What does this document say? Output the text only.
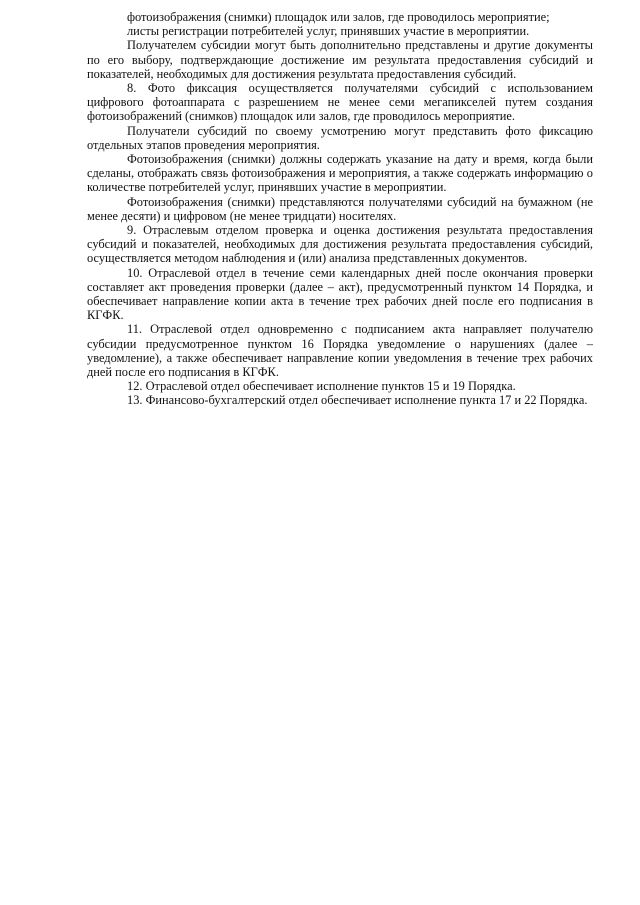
фотоизображения (снимки) площадок или залов, где проводилось мероприятие;

листы регистрации потребителей услуг, принявших участие в мероприятии.

Получателем субсидии могут быть дополнительно представлены и другие документы по его выбору, подтверждающие достижение им результата предоставления субсидий и показателей, необходимых для достижения результата предоставления субсидий.

8. Фото фиксация осуществляется получателями субсидий с использованием цифрового фотоаппарата с разрешением не менее семи мегапикселей путем создания фотоизображений (снимков) площадок или залов, где проводилось мероприятие.

Получатели субсидий по своему усмотрению могут представить фото фиксацию отдельных этапов проведения мероприятия.

Фотоизображения (снимки) должны содержать указание на дату и время, когда были сделаны, отображать связь фотоизображения и мероприятия, а также содержать информацию о количестве потребителей услуг, принявших участие в мероприятии.

Фотоизображения (снимки) представляются получателями субсидий на бумажном (не менее десяти) и цифровом (не менее тридцати) носителях.

9. Отраслевым отделом проверка и оценка достижения результата предоставления субсидий и показателей, необходимых для достижения результата предоставления субсидий, осуществляется методом наблюдения и (или) анализа представленных документов.

10. Отраслевой отдел в течение семи календарных дней после окончания проверки составляет акт проведения проверки (далее – акт), предусмотренный пунктом 14 Порядка, и обеспечивает направление копии акта в течение трех рабочих дней после его подписания в КГФК.

11. Отраслевой отдел одновременно с подписанием акта направляет получателю субсидии предусмотренное пунктом 16 Порядка уведомление о нарушениях (далее – уведомление), а также обеспечивает направление копии уведомления в течение трех рабочих дней после его подписания в КГФК.

12. Отраслевой отдел обеспечивает исполнение пунктов 15 и 19 Порядка.

13. Финансово-бухгалтерский отдел обеспечивает исполнение пункта 17 и 22 Порядка.
